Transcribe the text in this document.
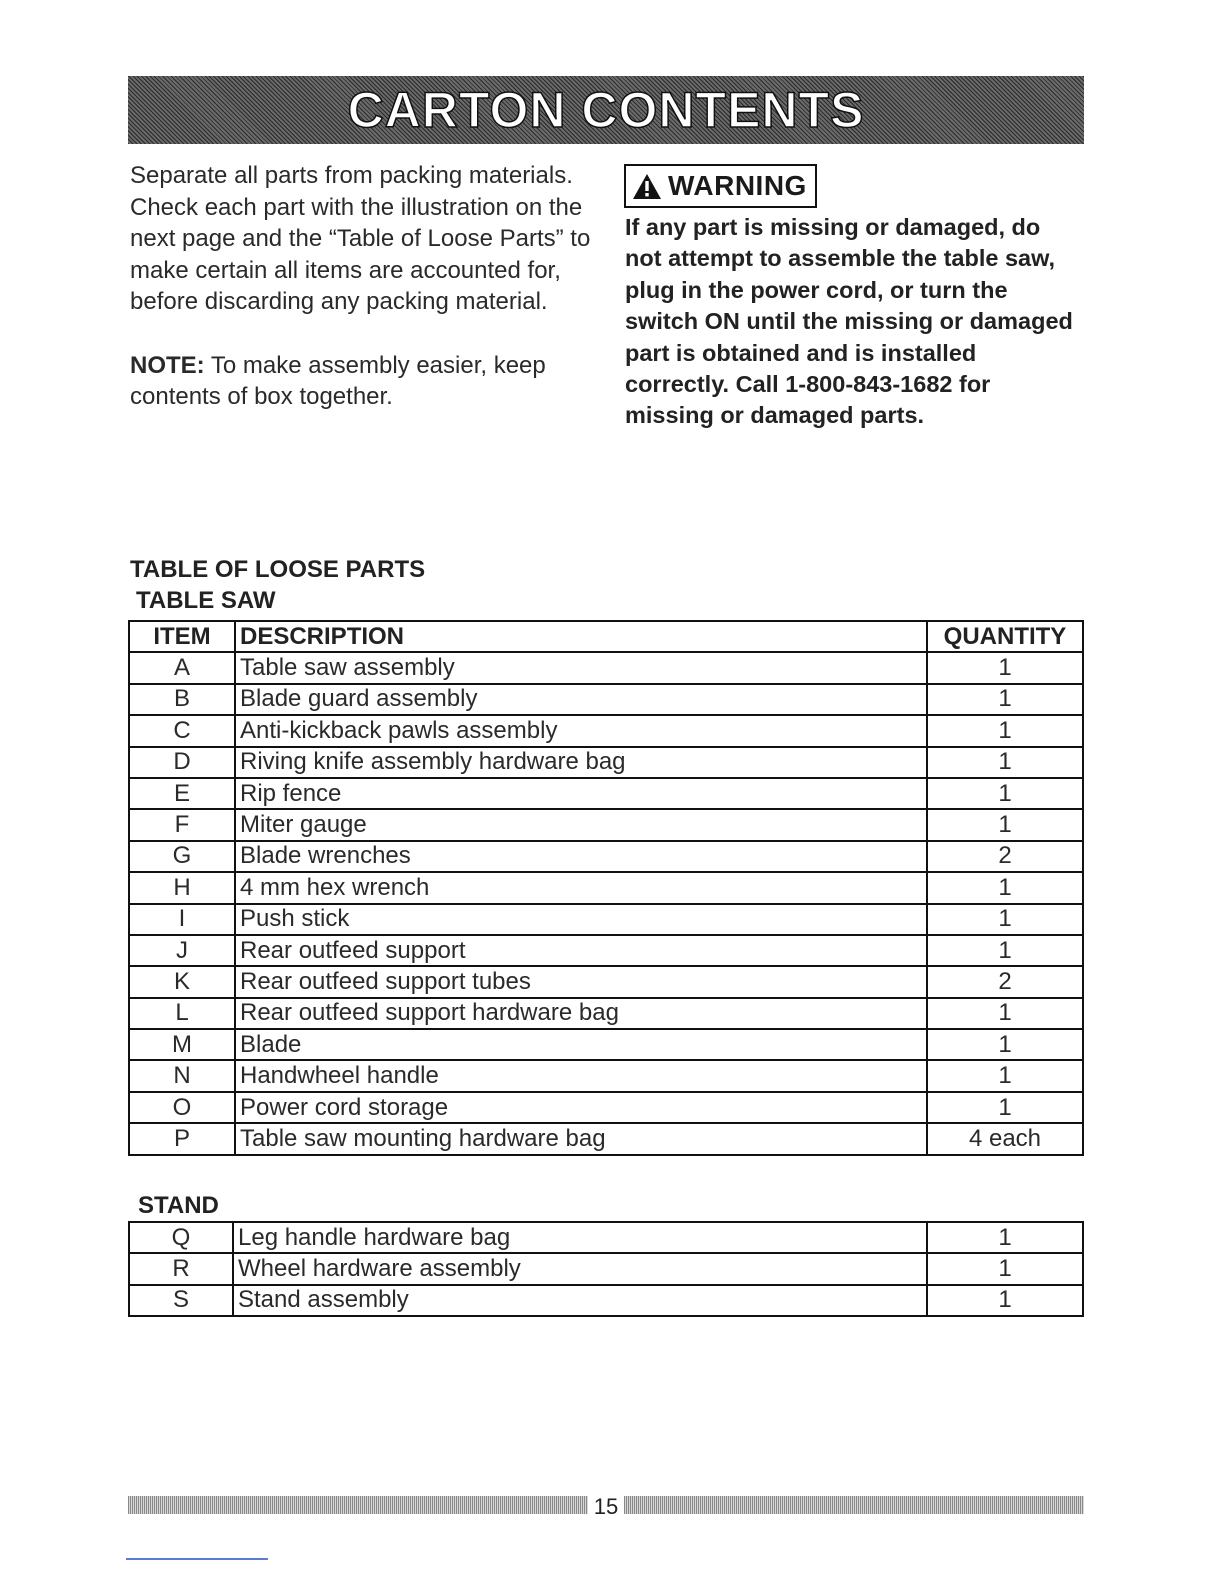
CARTON CONTENTS

Separate all parts from packing materials. Check each part with the illustration on the next page and the “Table of Loose Parts” to make certain all items are accounted for, before discarding any packing material.

NOTE: To make assembly easier, keep contents of box together.

WARNING
If any part is missing or damaged, do not attempt to assemble the table saw, plug in the power cord, or turn the switch ON until the missing or damaged part is obtained and is installed correctly. Call 1-800-843-1682 for missing or damaged parts.
TABLE OF LOOSE PARTS
TABLE SAW
ITEM	DESCRIPTION	QUANTITY
A	Table saw assembly	1
B	Blade guard assembly	1
C	Anti-kickback pawls assembly	1
D	Riving knife assembly hardware bag	1
E	Rip fence	1
F	Miter gauge	1
G	Blade wrenches	2
H	4 mm hex wrench	1
I	Push stick	1
J	Rear outfeed support	1
K	Rear outfeed support tubes	2
L	Rear outfeed support hardware bag	1
M	Blade	1
N	Handwheel handle	1
O	Power cord storage	1
P	Table saw mounting hardware bag	4 each
STAND
Q	Leg handle hardware bag	1
R	Wheel hardware assembly	1
S	Stand assembly	1
15
